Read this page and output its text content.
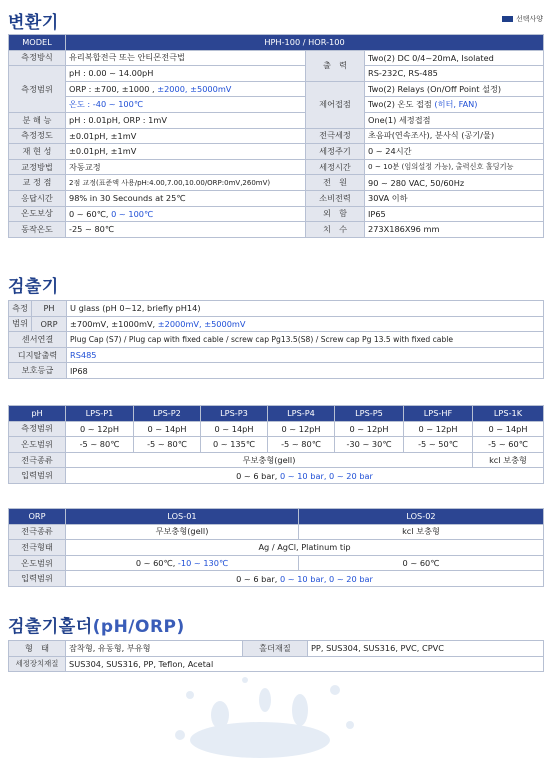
변환기	선택사양
MODEL	HPH-100 / HOR-100		
측정방식	유리복합전극 또는 안티몬전극법	출　력	Two(2) DC 0/4~20mA, Isolated
측정범위	pH : 0.00 ~ 14.00pH		RS-232C, RS-485
	ORP : ±700, ±1000 , ±2000, ±5000mV	제어접점	Two(2) Relays (On/Off Point 설정)
	온도 : -40 ~ 100℃		Two(2) 온도 접점 (히터, FAN)
분 해 능	pH : 0.01pH, ORP : 1mV		One(1) 세정접점
측정정도	±0.01pH, ±1mV	전극세정	초음파(연속조사), 분사식 (공기/물)
재 현 성	±0.01pH, ±1mV	세정주기	0 ~ 24시간
교정방법	자동교정	세정시간	0 ~ 10분 (임의설정 가능), 출력신호 홀딩기능
교 정 점	2점 교정(표준액 사용/pH:4.00,7.00,10.00/ORP:0mV,260mV)	전　원	90 ~ 280 VAC, 50/60Hz
응답시간	98% in 30 Secounds at 25℃	소비전력	30VA 이하
온도보상	0 ~ 60℃, 0 ~ 100℃	외　함	IP65
동작온도	-25 ~ 80℃	치　수	273X186X96 mm
검출기
측정	PH	U glass (pH 0~12, briefly pH14)
범위	ORP	±700mV, ±1000mV, ±2000mV, ±5000mV
센서연결		Plug Cap (S7) / Plug cap with fixed cable / screw cap Pg13.5(S8) / Screw cap Pg 13.5 with fixed cable
디지탈출력		RS485
보호등급		IP68
pH	LPS-P1	LPS-P2	LPS-P3	LPS-P4	LPS-P5	LPS-HF	LPS-1K
측정범위	0 ~ 12pH	0 ~ 14pH	0 ~ 14pH	0 ~ 12pH	0 ~ 12pH	0 ~ 12pH	0 ~ 14pH
온도범위	-5 ~ 80℃	-5 ~ 80℃	0 ~ 135℃	-5 ~ 80℃	-30 ~ 30℃	-5 ~ 50℃	-5 ~ 60℃
전극종류	무보충형(gell)						kcl 보충형
입력범위	0 ~ 6 bar, 0 ~ 10 bar, 0 ~ 20 bar						
ORP	LOS-01	LOS-02
전극종류	무보충형(gell)	kcl 보충형
전극형태	Ag / AgCl, Platinum tip	
온도범위	0 ~ 60℃, -10 ~ 130℃	0 ~ 60℃
입력범위	0 ~ 6 bar, 0 ~ 10 bar, 0 ~ 20 bar	
검출기홀더(pH/ORP)
형　태	잠착형, 유동형, 부유형	홀더재질	PP, SUS304, SUS316, PVC, CPVC
세정장치재질	SUS304, SUS316, PP, Teflon, Acetal		
